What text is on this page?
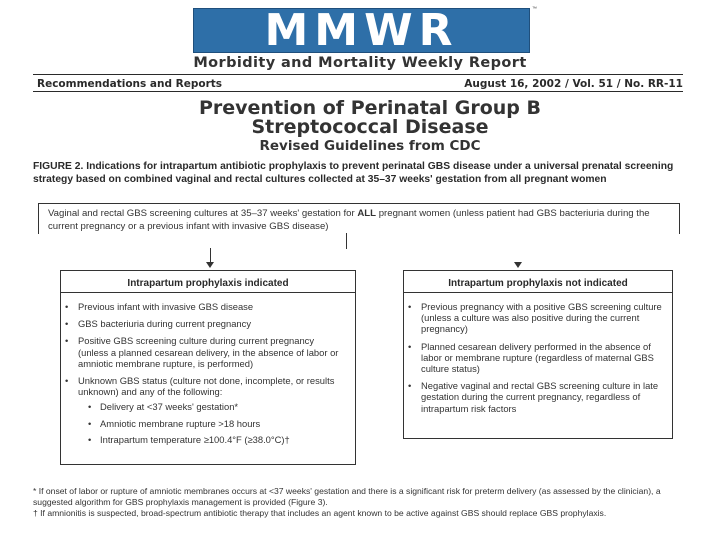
MMWR	™
Morbidity and Mortality Weekly Report
Recommendations and Reports	August 16, 2002 / Vol. 51 / No. RR-11
Prevention of Perinatal Group B
Streptococcal Disease
Revised Guidelines from CDC
FIGURE 2. Indications for intrapartum antibiotic prophylaxis to prevent perinatal GBS disease under a universal prenatal screening strategy based on combined vaginal and rectal cultures collected at 35–37 weeks' gestation from all pregnant women
Vaginal and rectal GBS screening cultures at 35–37 weeks' gestation for ALL pregnant women (unless patient had GBS bacteriuria during the current pregnancy or a previous infant with invasive GBS disease)
Intrapartum prophylaxis indicated
• Previous infant with invasive GBS disease
• GBS bacteriuria during current pregnancy
• Positive GBS screening culture during current pregnancy (unless a planned cesarean delivery, in the absence of labor or amniotic membrane rupture, is performed)
• Unknown GBS status (culture not done, incomplete, or results unknown) and any of the following:
• Delivery at <37 weeks' gestation*
• Amniotic membrane rupture >18 hours
• Intrapartum temperature ≥100.4°F (≥38.0°C)†
Intrapartum prophylaxis not indicated
• Previous pregnancy with a positive GBS screening culture (unless a culture was also positive during the current pregnancy)
• Planned cesarean delivery performed in the absence of labor or membrane rupture (regardless of maternal GBS culture status)
• Negative vaginal and rectal GBS screening culture in late gestation during the current pregnancy, regardless of intrapartum risk factors
* If onset of labor or rupture of amniotic membranes occurs at <37 weeks' gestation and there is a significant risk for preterm delivery (as assessed by the clinician), a suggested algorithm for GBS prophylaxis management is provided (Figure 3).
† If amnionitis is suspected, broad-spectrum antibiotic therapy that includes an agent known to be active against GBS should replace GBS prophylaxis.
